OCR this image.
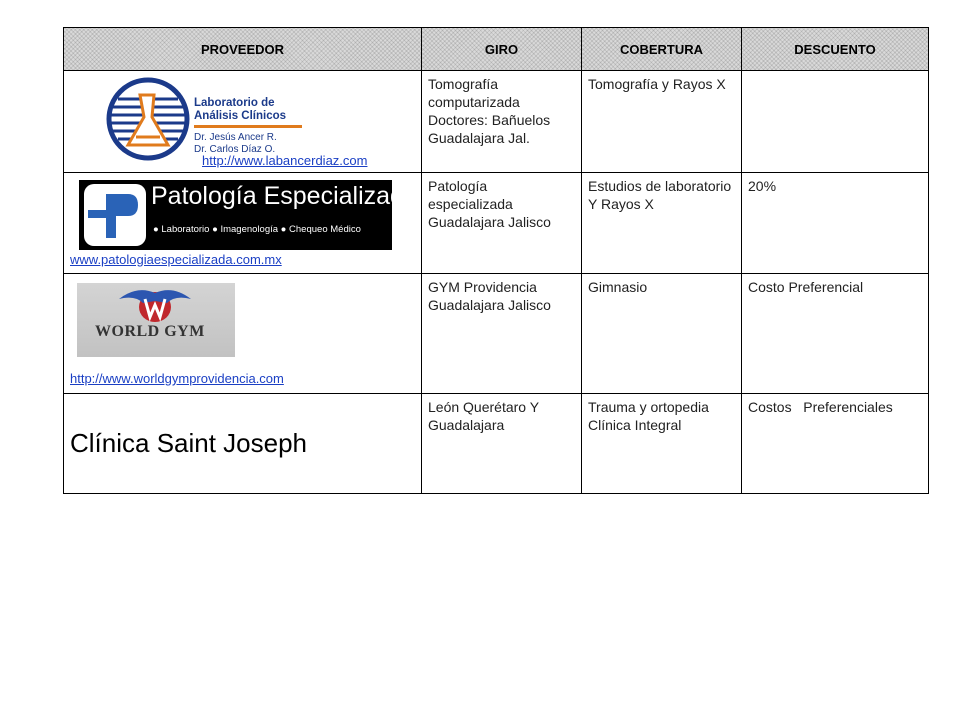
PROVEEDOR	GIRO	COBERTURA	DESCUENTO

Laboratorio de
Análisis Clínicos
Dr. Jesús Ancer R.
Dr. Carlos Díaz O.
http://www.labancerdiaz.com	Tomografía computarizada Doctores: Bañuelos Guadalajara Jal.	Tomografía y Rayos X	

Patología Especializada
● Laboratorio ● Imagenología ● Chequeo Médico
www.patologiaespecializada.com.mx	Patología especializada Guadalajara Jalisco	Estudios de laboratorio Y Rayos X	20%

WORLD GYM
http://www.worldgymprovidencia.com	GYM Providencia Guadalajara Jalisco	Gimnasio	Costo Preferencial

Clínica Saint Joseph	León Querétaro Y Guadalajara	Trauma y ortopedia Clínica Integral	Costos   Preferenciales
